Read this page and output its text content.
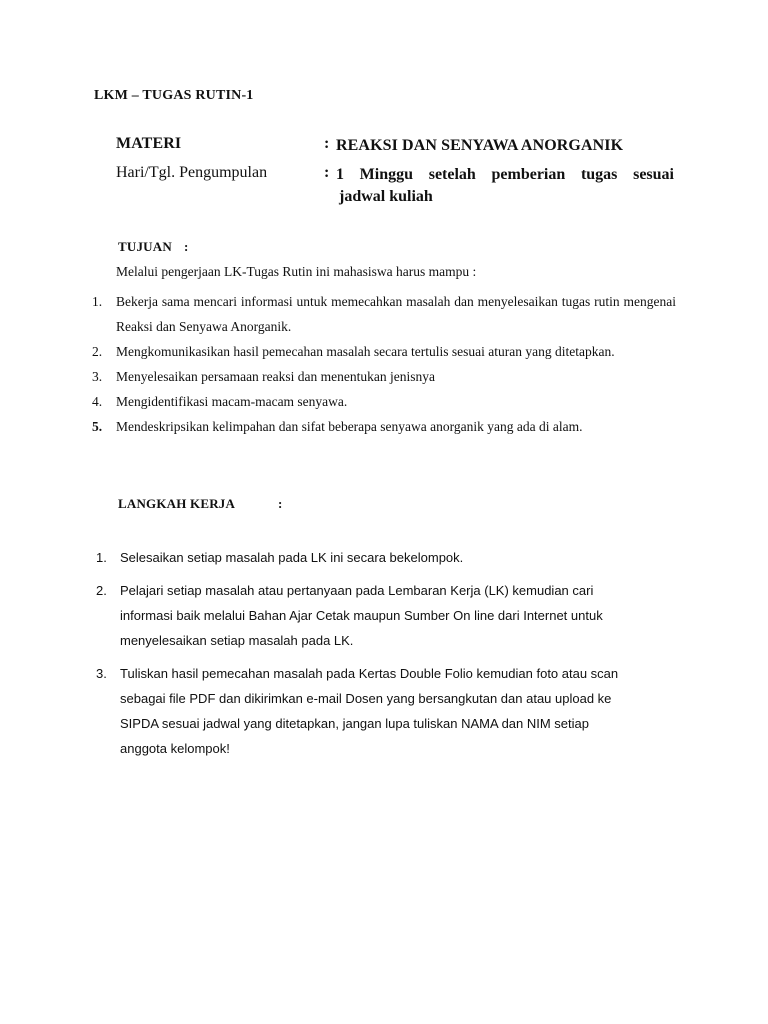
LKM – TUGAS RUTIN-1
MATERI	: REAKSI DAN SENYAWA ANORGANIK
Hari/Tgl. Pengumpulan	: 1 Minggu setelah pemberian tugas sesuai
jadwal kuliah
TUJUAN :
Melalui pengerjaan LK-Tugas Rutin ini mahasiswa harus mampu :
1. Bekerja sama mencari informasi untuk memecahkan masalah dan menyelesaikan tugas rutin mengenai Reaksi dan Senyawa Anorganik.
2. Mengkomunikasikan hasil pemecahan masalah secara tertulis sesuai aturan yang ditetapkan.
3. Menyelesaikan persamaan reaksi dan menentukan jenisnya
4. Mengidentifikasi macam-macam senyawa.
5. Mendeskripsikan kelimpahan dan sifat beberapa senyawa anorganik yang ada di alam.
LANGKAH KERJA	:
1. Selesaikan setiap masalah pada LK ini secara bekelompok.
2. Pelajari setiap masalah atau pertanyaan pada Lembaran Kerja (LK) kemudian cari
informasi baik melalui Bahan Ajar Cetak maupun Sumber On line dari Internet untuk
menyelesaikan setiap masalah pada LK.
3. Tuliskan hasil pemecahan masalah pada Kertas Double Folio kemudian foto atau scan
sebagai file PDF dan dikirimkan e-mail Dosen yang bersangkutan dan atau upload ke
SIPDA sesuai jadwal yang ditetapkan, jangan lupa tuliskan NAMA dan NIM setiap
anggota kelompok!
